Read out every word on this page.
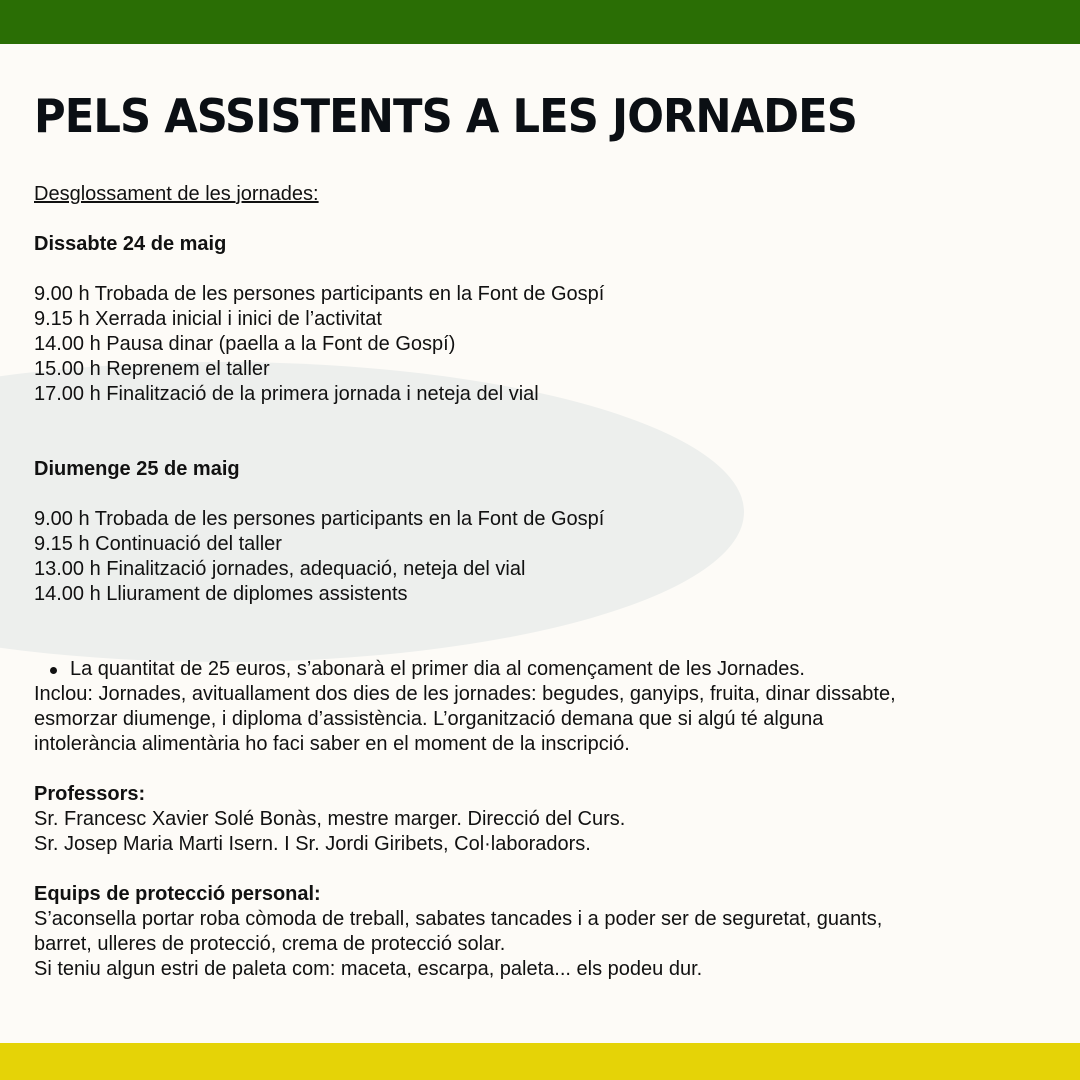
PELS ASSISTENTS A LES JORNADES
Desglossament de les jornades:
Dissabte 24 de maig
9.00 h Trobada de les persones participants en la Font de Gospí
9.15 h Xerrada inicial i inici de l’activitat
14.00 h Pausa dinar (paella a la Font de Gospí)
15.00 h Reprenem el taller
17.00 h Finalització de la primera jornada i neteja del vial
Diumenge 25 de maig
9.00 h Trobada de les persones participants en la Font de Gospí
9.15 h Continuació del taller
13.00 h Finalització jornades, adequació, neteja del vial
14.00 h Lliurament de diplomes assistents
La quantitat de 25 euros, s’abonarà el primer dia al començament de les Jornades.
Inclou: Jornades, avituallament dos dies de les jornades: begudes, ganyips, fruita, dinar dissabte,
esmorzar diumenge, i diploma d’assistència. L’organització demana que si algú té alguna
intolerància alimentària ho faci saber en el moment de la inscripció.
Professors:
Sr. Francesc Xavier Solé Bonàs, mestre marger. Direcció del Curs.
Sr. Josep Maria Marti Isern. I Sr. Jordi Giribets, Col·laboradors.
Equips de protecció personal:
S’aconsella portar roba còmoda de treball, sabates tancades i a poder ser de seguretat, guants,
barret, ulleres de protecció, crema de protecció solar.
Si teniu algun estri de paleta com: maceta, escarpa, paleta... els podeu dur.
